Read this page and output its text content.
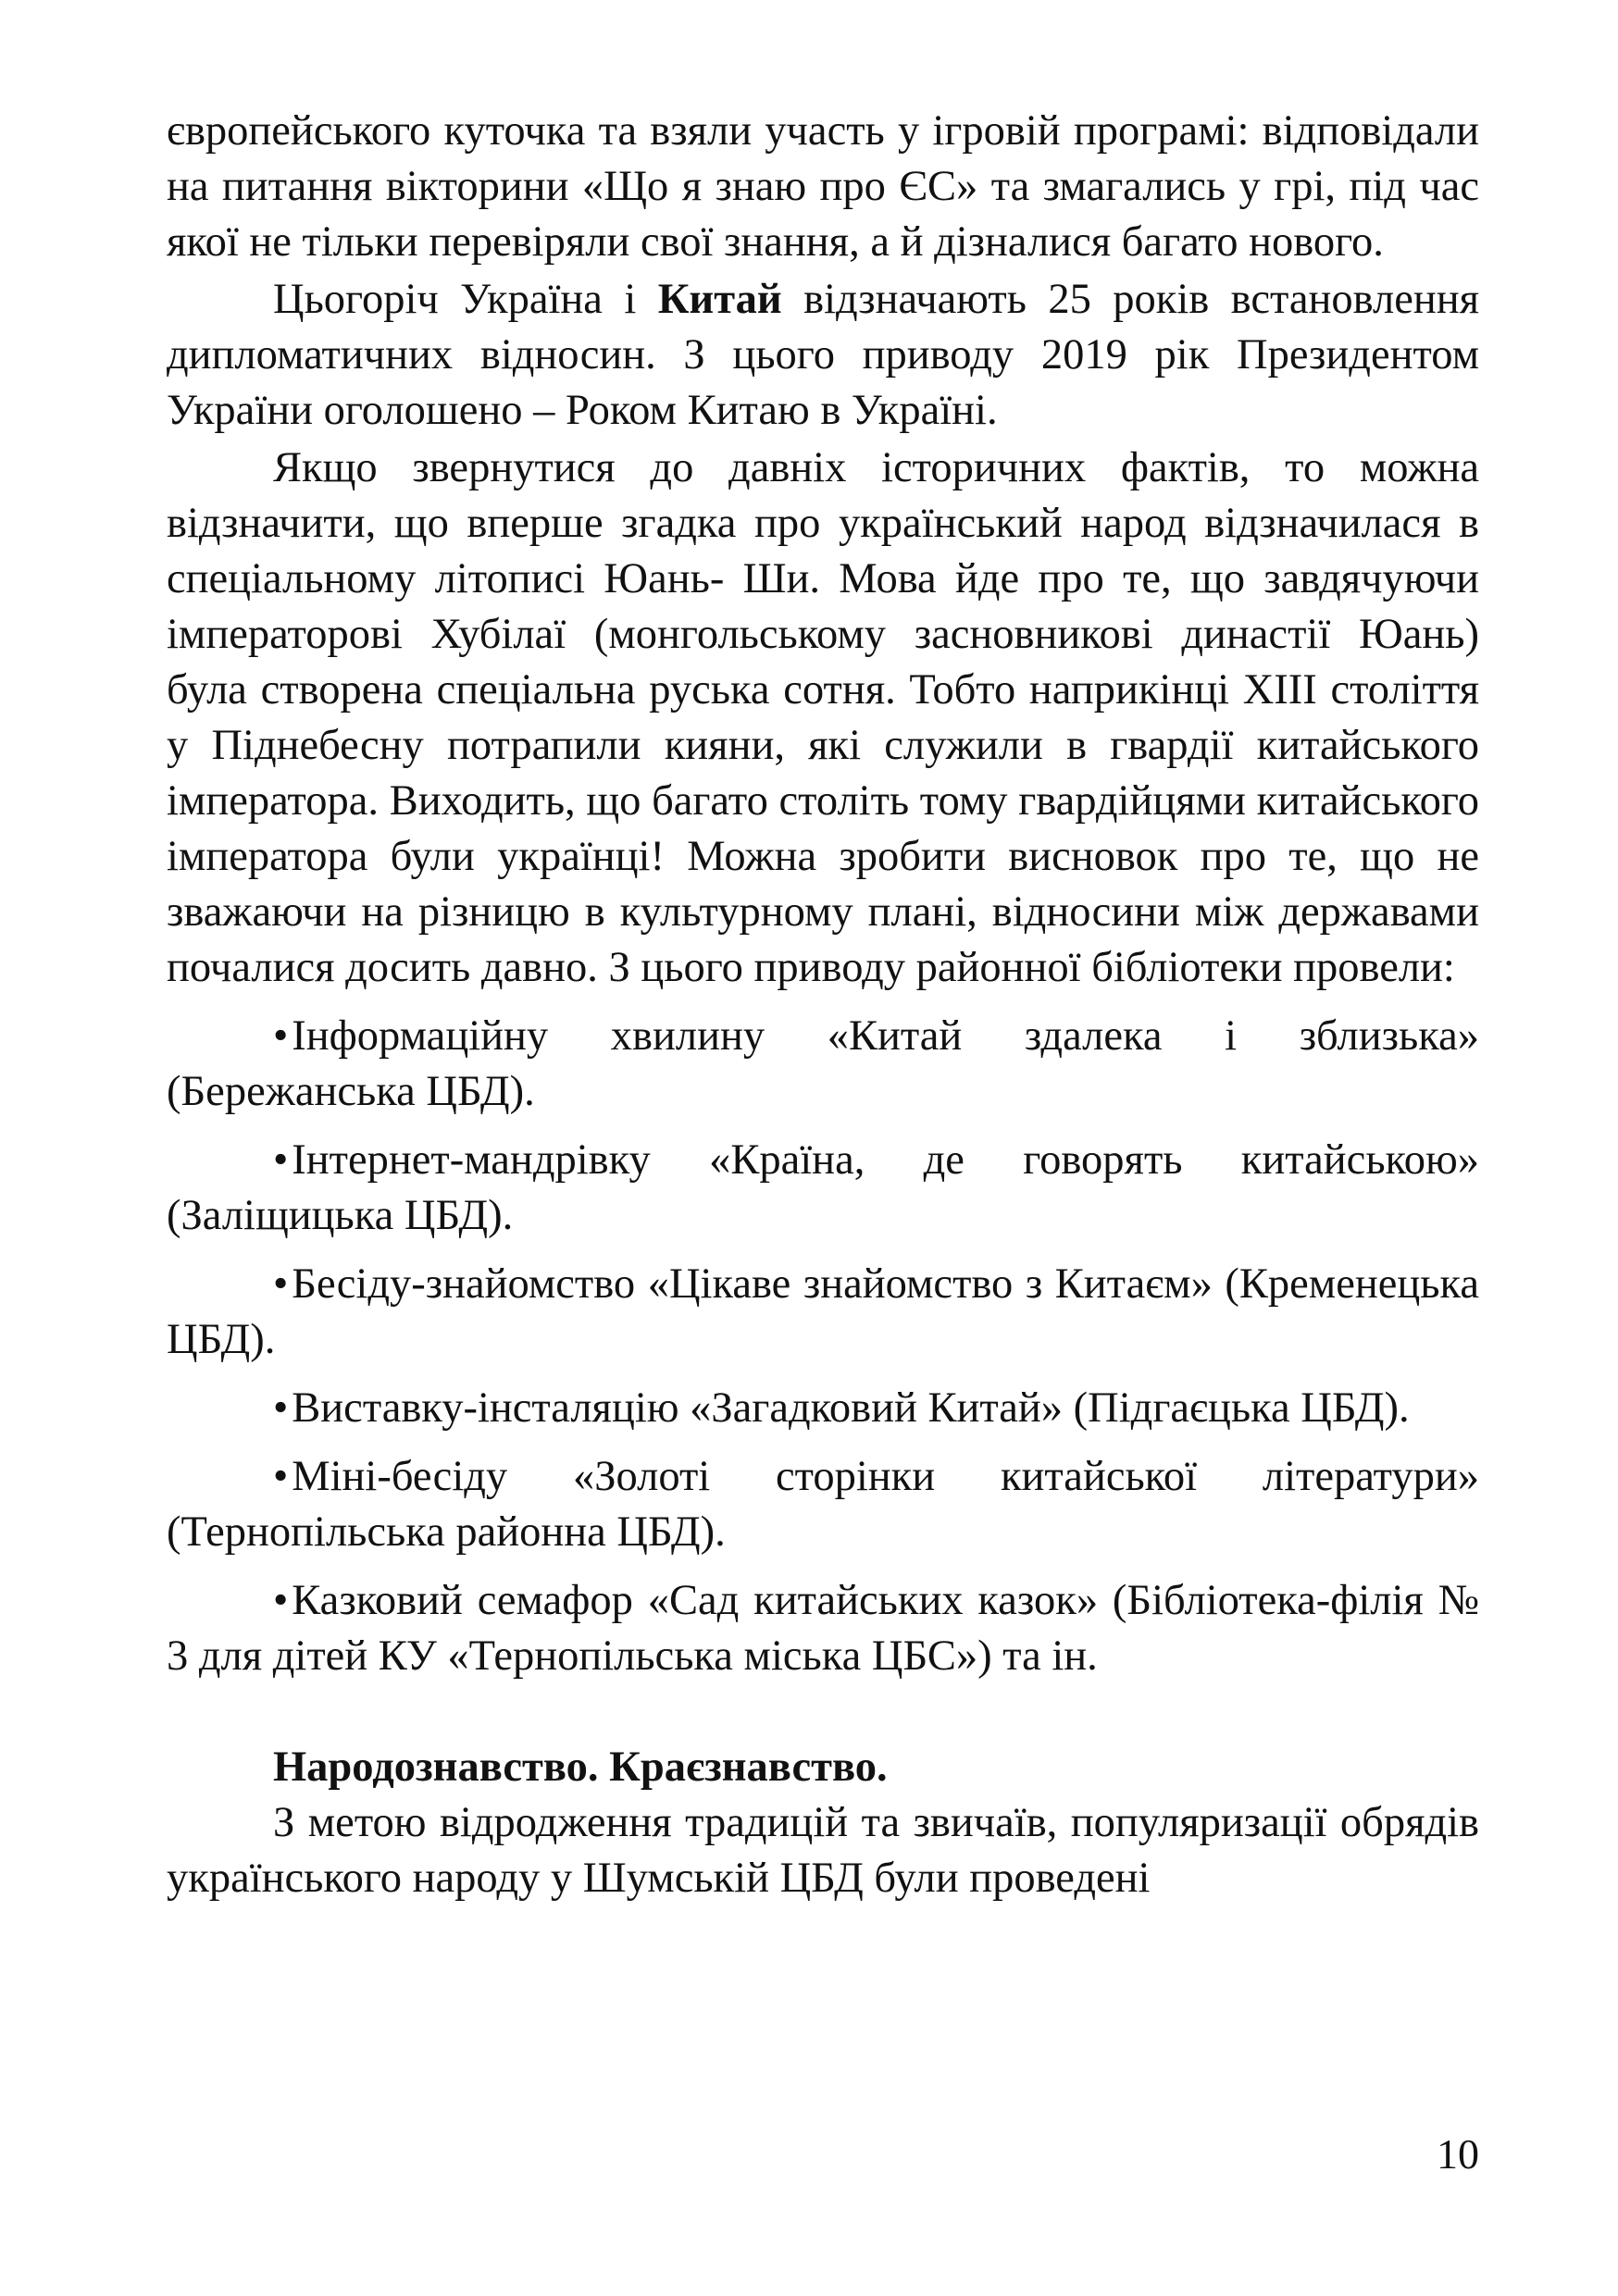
європейського куточка та взяли участь у ігровій програмі: відповідали на питання вікторини «Що я знаю про ЄС» та змагались у грі, під час якої не тільки перевіряли свої знання, а й дізналися багато нового.

Цьогоріч Україна і Китай відзначають 25 років встановлення дипломатичних відносин. З цього приводу 2019 рік Президентом України оголошено – Роком Китаю в Україні.

Якщо звернутися до давніх історичних фактів, то можна відзначити, що вперше згадка про український народ відзначилася в спеціальному літописі Юань- Ши. Мова йде про те, що завдячуючи імператорові Хубілаї (монгольському засновникові династії Юань) була створена спеціальна руська сотня. Тобто наприкінці XIII століття у Піднебесну потрапили кияни, які служили в гвардії китайського імператора. Виходить, що багато століть тому гвардійцями китайського імператора були українці! Можна зробити висновок про те, що не зважаючи на різницю в культурному плані, відносини між державами почалися досить давно. З цього приводу районної бібліотеки провели:

•Інформаційну хвилину «Китай здалека і зблизька» (Бережанська ЦБД).

•Інтернет-мандрівку «Країна, де говорять китайською» (Заліщицька ЦБД).

•Бесіду-знайомство «Цікаве знайомство з Китаєм» (Кременецька ЦБД).

•Виставку-інсталяцію «Загадковий Китай» (Підгаєцька ЦБД).

•Міні-бесіду «Золоті сторінки китайської літератури» (Тернопільська районна ЦБД).

•Казковий семафор «Сад китайських казок» (Бібліотека-філія № 3 для дітей КУ «Тернопільська міська ЦБС») та ін.

Народознавство. Краєзнавство.

З метою відродження традицій та звичаїв, популяризації обрядів українського народу у Шумській ЦБД були проведені

10
